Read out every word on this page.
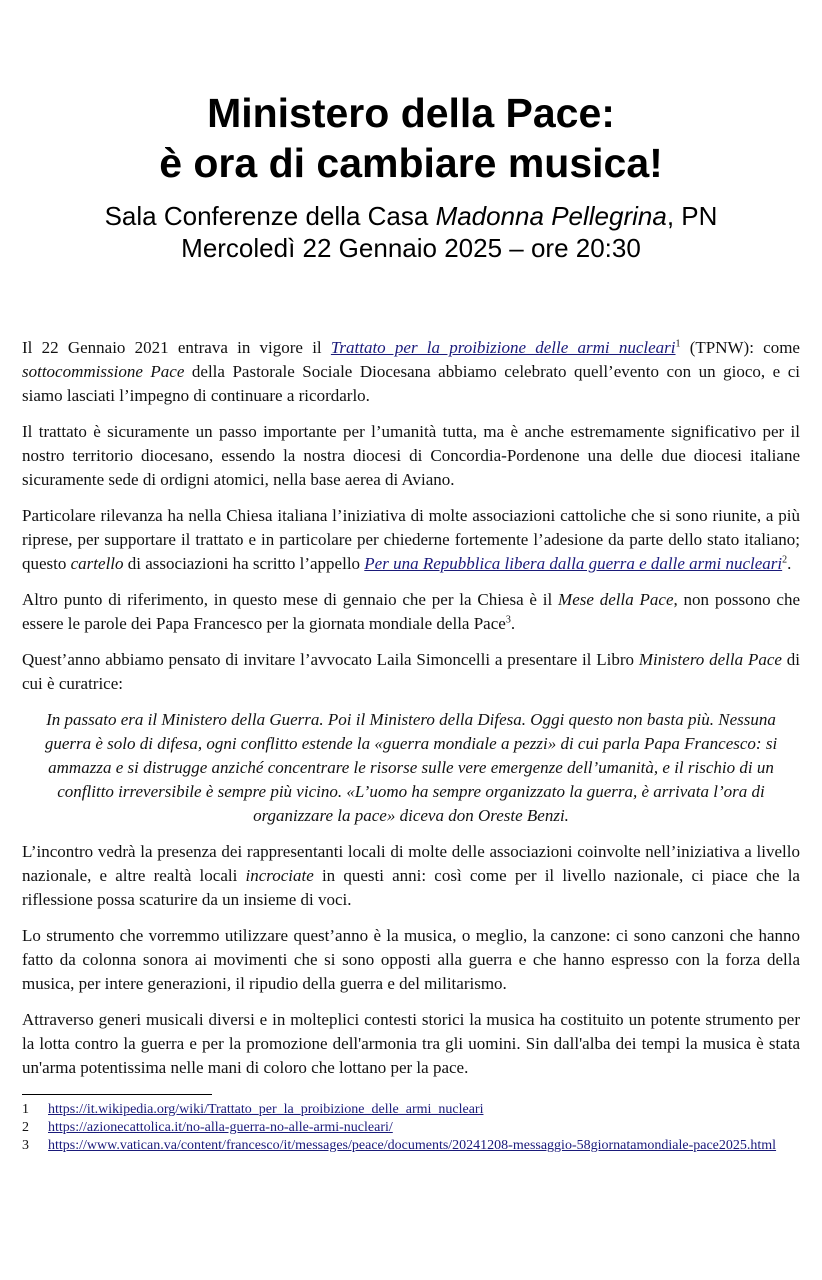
Ministero della Pace:
è ora di cambiare musica!
Sala Conferenze della Casa Madonna Pellegrina, PN
Mercoledì 22 Gennaio 2025 – ore 20:30

Il 22 Gennaio 2021 entrava in vigore il Trattato per la proibizione delle armi nucleari$^1$ (TPNW): come sottocommissione Pace della Pastorale Sociale Diocesana abbiamo celebrato quell’evento con un gioco, e ci siamo lasciati l’impegno di continuare a ricordarlo.

Il trattato è sicuramente un passo importante per l’umanità tutta, ma è anche estremamente significativo per il nostro territorio diocesano, essendo la nostra diocesi di Concordia-Pordenone una delle due diocesi italiane sicuramente sede di ordigni atomici, nella base aerea di Aviano.

Particolare rilevanza ha nella Chiesa italiana l’iniziativa di molte associazioni cattoliche che si sono riunite, a più riprese, per supportare il trattato e in particolare per chiederne fortemente l’adesione da parte dello stato italiano; questo cartello di associazioni ha scritto l’appello Per una Repubblica libera dalla guerra e dalle armi nucleari$^2$.

Altro punto di riferimento, in questo mese di gennaio che per la Chiesa è il Mese della Pace, non possono che essere le parole dei Papa Francesco per la giornata mondiale della Pace$^3$.

Quest’anno abbiamo pensato di invitare l’avvocato Laila Simoncelli a presentare il Libro Ministero della Pace di cui è curatrice:

In passato era il Ministero della Guerra. Poi il Ministero della Difesa. Oggi questo non basta più. Nessuna guerra è solo di difesa, ogni conflitto estende la «guerra mondiale a pezzi» di cui parla Papa Francesco: si ammazza e si distrugge anziché concentrare le risorse sulle vere emergenze dell’umanità, e il rischio di un conflitto irreversibile è sempre più vicino. «L’uomo ha sempre organizzato la guerra, è arrivata l’ora di organizzare la pace» diceva don Oreste Benzi.

L’incontro vedrà la presenza dei rappresentanti locali di molte delle associazioni coinvolte nell’iniziativa a livello nazionale, e altre realtà locali incrociate in questi anni: così come per il livello nazionale, ci piace che la riflessione possa scaturire da un insieme di voci.

Lo strumento che vorremmo utilizzare quest’anno è la musica, o meglio, la canzone: ci sono canzoni che hanno fatto da colonna sonora ai movimenti che si sono opposti alla guerra e che hanno espresso con la forza della musica, per intere generazioni, il ripudio della guerra e del militarismo.

Attraverso generi musicali diversi e in molteplici contesti storici la musica ha costituito un potente strumento per la lotta contro la guerra e per la promozione dell'armonia tra gli uomini. Sin dall'alba dei tempi la musica è stata un'arma potentissima nelle mani di coloro che lottano per la pace.

1	https://it.wikipedia.org/wiki/Trattato_per_la_proibizione_delle_armi_nucleari
2	https://azionecattolica.it/no-alla-guerra-no-alle-armi-nucleari/
3	https://www.vatican.va/content/francesco/it/messages/peace/documents/20241208-messaggio-58giornatamondiale-pace2025.html
